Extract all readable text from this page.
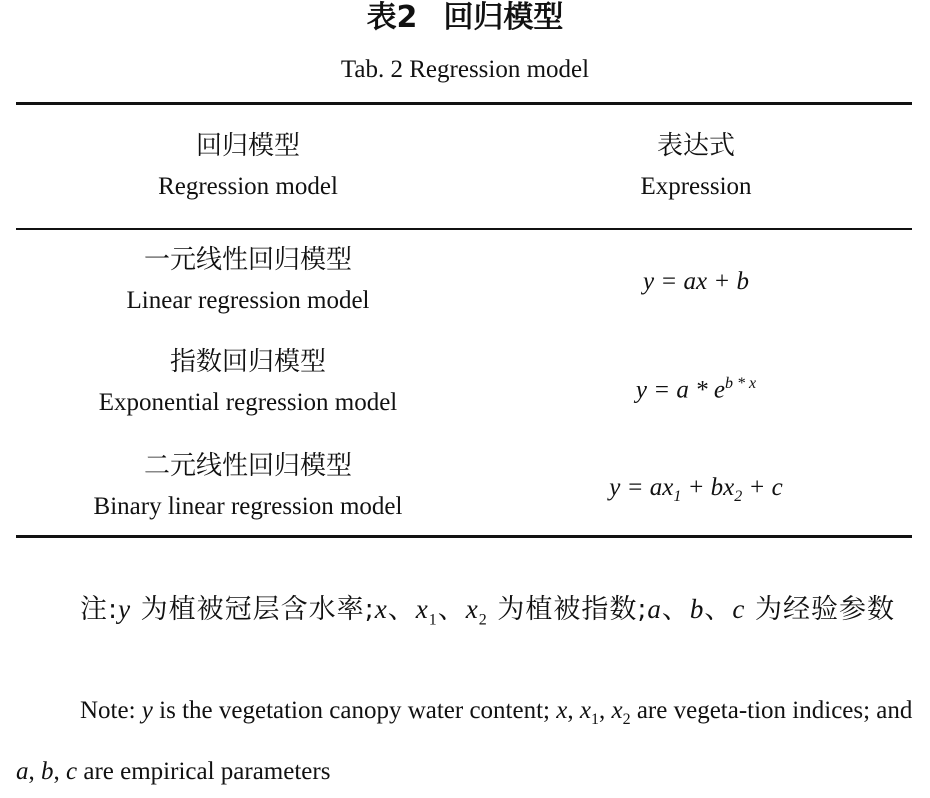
表2 回归模型
Tab. 2 Regression model
回归模型
Regression model
表达式
Expression
一元线性回归模型
Linear regression model
y = ax + b
指数回归模型
Exponential regression model	$y = a * e^{b * x}$
二元线性回归模型
Binary linear regression model
$y = ax_1 + bx_2 + c$
注:y 为植被冠层含水率;x、$x_1$、$x_2$ 为植被指数;a、b、c 为经验参数
Note: y is the vegetation canopy water content; x, $x_1$, $x_2$ are vegeta-tion indices; and a, b, c are empirical parameters
